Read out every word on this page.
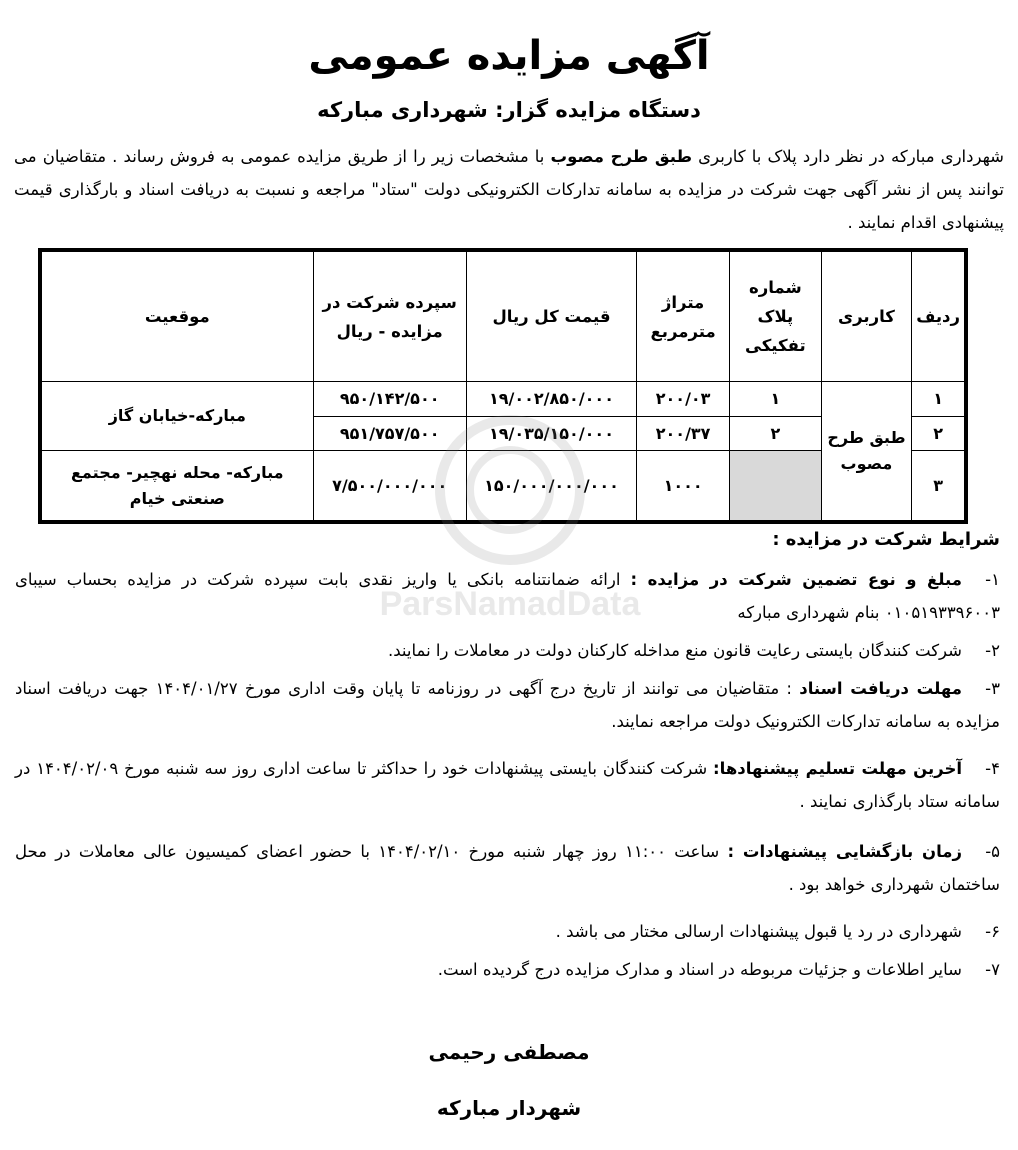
آگهی مزایده عمومی
دستگاه مزایده گزار: شهرداری مبارکه
شهرداری مبارکه در نظر دارد پلاک با کاربری طبق طرح مصوب با مشخصات زیر را از طریق مزایده عمومی به فروش رساند . متقاضیان می توانند پس از نشر آگهی جهت شرکت در مزایده به سامانه تدارکات الکترونیکی دولت "ستاد" مراجعه و نسبت به دریافت اسناد و بارگذاری قیمت پیشنهادی اقدام نمایند .
ردیف	کاربری	شماره پلاک تفکیکی	متراژ مترمربع	قیمت کل ریال	سپرده شرکت در مزایده - ریال	موقعیت
۱	طبق طرح مصوب	۱	۲۰۰/۰۳	۱۹/۰۰۲/۸۵۰/۰۰۰	۹۵۰/۱۴۲/۵۰۰	مبارکه-خیابان گاز
۲		۲	۲۰۰/۳۷	۱۹/۰۳۵/۱۵۰/۰۰۰	۹۵۱/۷۵۷/۵۰۰	
۳			۱۰۰۰	۱۵۰/۰۰۰/۰۰۰/۰۰۰	۷/۵۰۰/۰۰۰/۰۰۰	مبارکه- محله نهچیر- مجتمع صنعتی خیام
شرایط شرکت در مزایده :
۱-مبلغ و نوع تضمین شرکت در مزایده : ارائه ضمانتنامه بانکی یا واریز نقدی بابت سپرده شرکت در مزایده بحساب سیبای ۰۱۰۵۱۹۳۳۹۶۰۰۳ بنام شهرداری مبارکه
۲-شرکت کنندگان بایستی رعایت قانون منع مداخله کارکنان دولت در معاملات را نمایند.
۳-مهلت دریافت اسناد : متقاضیان می توانند از تاریخ درج آگهی در روزنامه تا پایان وقت اداری مورخ ۱۴۰۴/۰۱/۲۷ جهت دریافت اسناد مزایده به سامانه تدارکات الکترونیک دولت مراجعه نمایند.
۴-آخرین مهلت تسلیم پیشنهادها: شرکت کنندگان بایستی پیشنهادات خود را حداکثر تا ساعت اداری روز سه شنبه مورخ ۱۴۰۴/۰۲/۰۹ در سامانه ستاد بارگذاری نمایند .
۵-زمان بازگشایی پیشنهادات : ساعت ۱۱:۰۰ روز چهار شنبه مورخ ۱۴۰۴/۰۲/۱۰ با حضور اعضای کمیسیون عالی معاملات در محل ساختمان شهرداری خواهد بود .
۶-شهرداری در رد یا قبول پیشنهادات ارسالی مختار می باشد .
۷-سایر اطلاعات و جزئیات مربوطه در اسناد و مدارک مزایده درج گردیده است.
مصطفی رحیمی
شهردار مبارکه
ParsNamadData
